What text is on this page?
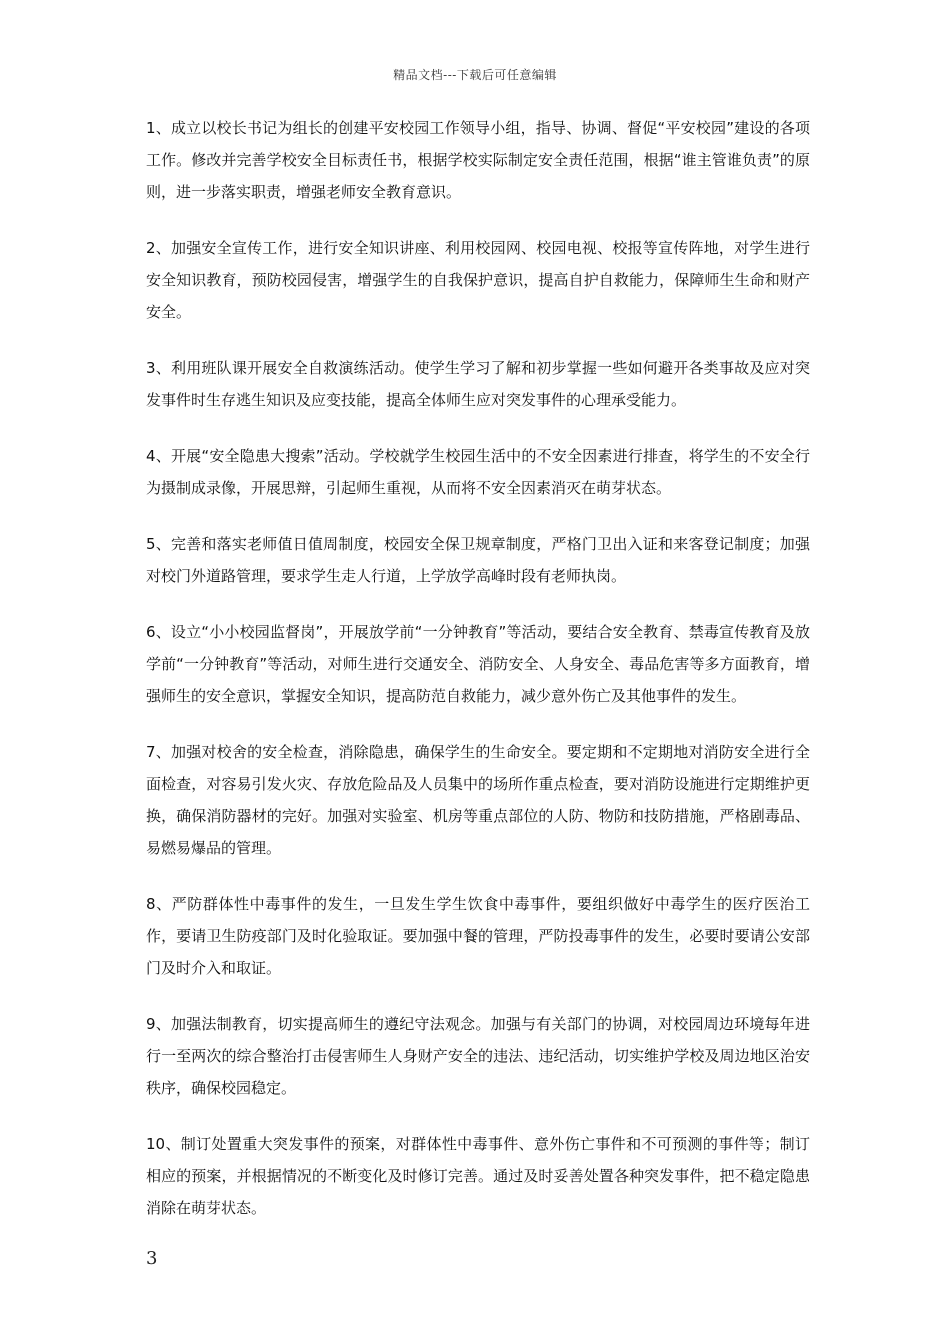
精品文档---下载后可任意编辑

1、成立以校长书记为组长的创建平安校园工作领导小组，指导、协调、督促“平安校园”建设的各项工作。修改并完善学校安全目标责任书，根据学校实际制定安全责任范围，根据“谁主管谁负责”的原则，进一步落实职责，增强老师安全教育意识。

2、加强安全宣传工作，进行安全知识讲座、利用校园网、校园电视、校报等宣传阵地，对学生进行安全知识教育，预防校园侵害，增强学生的自我保护意识，提高自护自救能力，保障师生生命和财产安全。

3、利用班队课开展安全自救演练活动。使学生学习了解和初步掌握一些如何避开各类事故及应对突发事件时生存逃生知识及应变技能，提高全体师生应对突发事件的心理承受能力。

4、开展“安全隐患大搜索”活动。学校就学生校园生活中的不安全因素进行排查，将学生的不安全行为摄制成录像，开展思辩，引起师生重视，从而将不安全因素消灭在萌芽状态。

5、完善和落实老师值日值周制度，校园安全保卫规章制度，严格门卫出入证和来客登记制度；加强对校门外道路管理，要求学生走人行道，上学放学高峰时段有老师执岗。

6、设立“小小校园监督岗”，开展放学前“一分钟教育”等活动，要结合安全教育、禁毒宣传教育及放学前“一分钟教育”等活动，对师生进行交通安全、消防安全、人身安全、毒品危害等多方面教育，增强师生的安全意识，掌握安全知识，提高防范自救能力，减少意外伤亡及其他事件的发生。

7、加强对校舍的安全检查，消除隐患，确保学生的生命安全。要定期和不定期地对消防安全进行全面检查，对容易引发火灾、存放危险品及人员集中的场所作重点检查，要对消防设施进行定期维护更换，确保消防器材的完好。加强对实验室、机房等重点部位的人防、物防和技防措施，严格剧毒品、易燃易爆品的管理。

8、严防群体性中毒事件的发生，一旦发生学生饮食中毒事件，要组织做好中毒学生的医疗医治工作，要请卫生防疫部门及时化验取证。要加强中餐的管理，严防投毒事件的发生，必要时要请公安部门及时介入和取证。

9、加强法制教育，切实提高师生的遵纪守法观念。加强与有关部门的协调，对校园周边环境每年进行一至两次的综合整治打击侵害师生人身财产安全的违法、违纪活动，切实维护学校及周边地区治安秩序，确保校园稳定。

10、制订处置重大突发事件的预案，对群体性中毒事件、意外伤亡事件和不可预测的事件等；制订相应的预案，并根据情况的不断变化及时修订完善。通过及时妥善处置各种突发事件，把不稳定隐患消除在萌芽状态。

3
